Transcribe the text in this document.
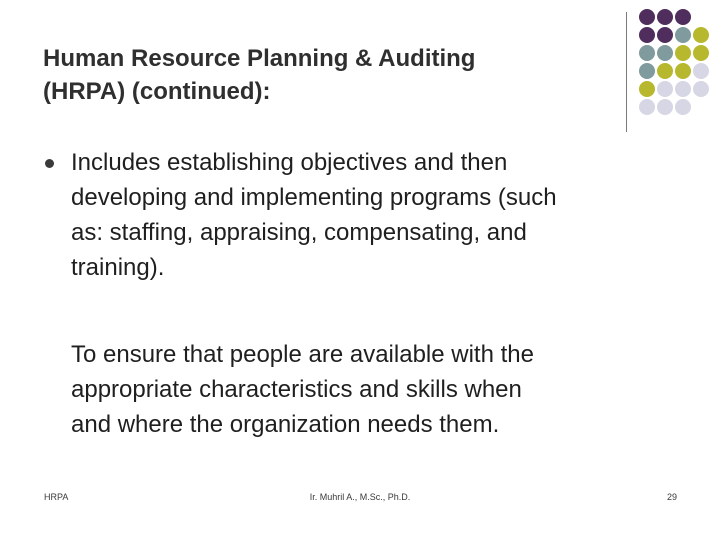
Human Resource Planning & Auditing
(HRPA) (continued):
Includes establishing objectives and then
developing and implementing programs (such
as: staffing, appraising, compensating, and
training).
To ensure that people are available with the
appropriate characteristics and skills when
and where the organization needs them.
HRPA	Ir. Muhril A., M.Sc., Ph.D.	29
